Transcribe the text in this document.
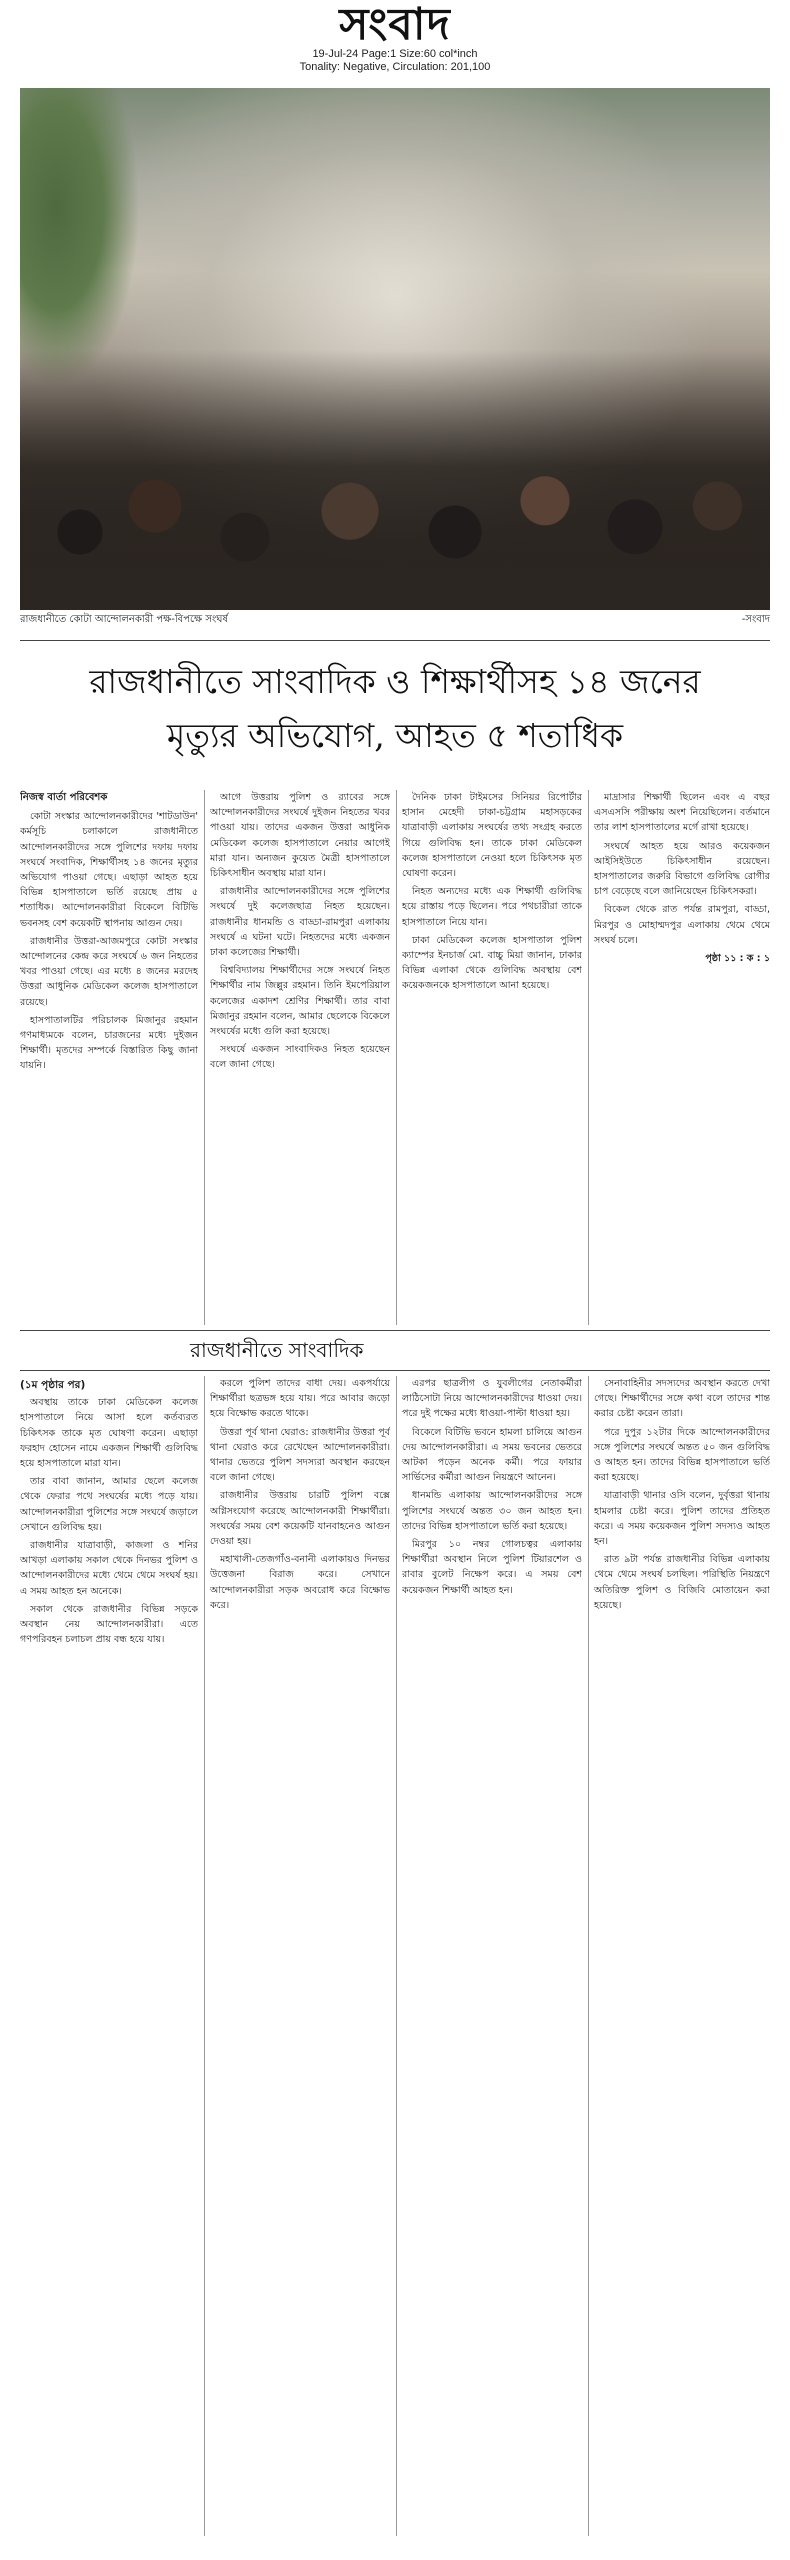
সংবাদ
19-Jul-24 Page:1 Size:60 col*inch
Tonality: Negative, Circulation: 201,100
রাজধানীতে কোটা আন্দোলনকারী পক্ষ-বিপক্ষে সংঘর্ষ	-সংবাদ
রাজধানীতে সাংবাদিক ও শিক্ষার্থীসহ ১৪ জনের
মৃত্যুর অভিযোগ, আহত ৫ শতাধিক

নিজস্ব বার্তা পরিবেশক

কোটা সংস্কার আন্দোলনকারীদের 'শাটডাউন' কর্মসূচি চলাকালে রাজধানীতে আন্দোলনকারীদের সঙ্গে পুলিশের দফায় দফায় সংঘর্ষে সংবাদিক, শিক্ষার্থীসহ ১৪ জনের মৃত্যুর অভিযোগ পাওয়া গেছে। এছাড়া আহত হয়ে বিভিন্ন হাসপাতালে ভর্তি রয়েছে প্রায় ৫ শতাধিক। আন্দোলনকারীরা বিকেলে বিটিভি ভবনসহ বেশ কয়েকটি স্থাপনায় আগুন দেয়।

রাজধানীর উত্তরা-আজমপুরে কোটা সংস্কার আন্দোলনের কেন্দ্র করে সংঘর্ষে ৬ জন নিহতের খবর পাওয়া গেছে। এর মধ্যে ৪ জনের মরদেহ উত্তরা আধুনিক মেডিকেল কলেজ হাসপাতালে রয়েছে।

হাসপাতালটির পরিচালক মিজানুর রহমান গণমাধ্যমকে বলেন, চারজনের মধ্যে দুইজন শিক্ষার্থী। মৃতদের সম্পর্কে বিস্তারিত কিছু জানা যায়নি।

আগে উত্তরায় পুলিশ ও র‌্যাবের সঙ্গে আন্দোলনকারীদের সংঘর্ষে দুইজন নিহতের খবর পাওয়া যায়। তাদের একজন উত্তরা আধুনিক মেডিকেল কলেজ হাসপাতালে নেয়ার আগেই মারা যান। অন্যজন কুয়েত মৈত্রী হাসপাতালে চিকিৎসাধীন অবস্থায় মারা যান।

রাজধানীর আন্দোলনকারীদের সঙ্গে পুলিশের সংঘর্ষে দুই কলেজছাত্র নিহত হয়েছেন। রাজধানীর ধানমন্ডি ও বাড্ডা-রামপুরা এলাকায় সংঘর্ষে এ ঘটনা ঘটে। নিহতদের মধ্যে একজন ঢাকা কলেজের শিক্ষার্থী।

বিশ্ববিদ্যালয় শিক্ষার্থীদের সঙ্গে সংঘর্ষে নিহত শিক্ষার্থীর নাম জিল্লুর রহমান। তিনি ইমপেরিয়াল কলেজের একাদশ শ্রেণির শিক্ষার্থী। তার বাবা মিজানুর রহমান বলেন, আমার ছেলেকে বিকেলে সংঘর্ষের মধ্যে গুলি করা হয়েছে।

সংঘর্ষে একজন সাংবাদিকও নিহত হয়েছেন বলে জানা গেছে।

দৈনিক ঢাকা টাইমসের সিনিয়র রিপোর্টার হাসান মেহেদী ঢাকা-চট্টগ্রাম মহাসড়কের যাত্রাবাড়ী এলাকায় সংঘর্ষের তথ্য সংগ্রহ করতে গিয়ে গুলিবিদ্ধ হন। তাকে ঢাকা মেডিকেল কলেজ হাসপাতালে নেওয়া হলে চিকিৎসক মৃত ঘোষণা করেন।

নিহত অন্যদের মধ্যে এক শিক্ষার্থী গুলিবিদ্ধ হয়ে রাস্তায় পড়ে ছিলেন। পরে পথচারীরা তাকে হাসপাতালে নিয়ে যান।

ঢাকা মেডিকেল কলেজ হাসপাতাল পুলিশ ক্যাম্পের ইনচার্জ মো. বাচ্চু মিয়া জানান, ঢাকার বিভিন্ন এলাকা থেকে গুলিবিদ্ধ অবস্থায় বেশ কয়েকজনকে হাসপাতালে আনা হয়েছে।

মাদ্রাসার শিক্ষার্থী ছিলেন এবং এ বছর এসএসসি পরীক্ষায় অংশ নিয়েছিলেন। বর্তমানে তার লাশ হাসপাতালের মর্গে রাখা হয়েছে।

সংঘর্ষে আহত হয়ে আরও কয়েকজন আইসিইউতে চিকিৎসাধীন রয়েছেন। হাসপাতালের জরুরি বিভাগে গুলিবিদ্ধ রোগীর চাপ বেড়েছে বলে জানিয়েছেন চিকিৎসকরা।

বিকেল থেকে রাত পর্যন্ত রামপুরা, বাড্ডা, মিরপুর ও মোহাম্মদপুর এলাকায় থেমে থেমে সংঘর্ষ চলে।

পৃষ্ঠা ১১ : ক : ১

রাজধানীতে সাংবাদিক

(১ম পৃষ্ঠার পর)

অবস্থায় তাকে ঢাকা মেডিকেল কলেজ হাসপাতালে নিয়ে আসা হলে কর্তব্যরত চিকিৎসক তাকে মৃত ঘোষণা করেন। এছাড়া ফরহাদ হোসেন নামে একজন শিক্ষার্থী গুলিবিদ্ধ হয়ে হাসপাতালে মারা যান।

তার বাবা জানান, আমার ছেলে কলেজ থেকে ফেরার পথে সংঘর্ষের মধ্যে পড়ে যায়। আন্দোলনকারীরা পুলিশের সঙ্গে সংঘর্ষে জড়ালে সেখানে গুলিবিদ্ধ হয়।

রাজধানীর যাত্রাবাড়ী, কাজলা ও শনির আখড়া এলাকায় সকাল থেকে দিনভর পুলিশ ও আন্দোলনকারীদের মধ্যে থেমে থেমে সংঘর্ষ হয়। এ সময় আহত হন অনেকে।

সকাল থেকে রাজধানীর বিভিন্ন সড়কে অবস্থান নেয় আন্দোলনকারীরা। এতে গণপরিবহন চলাচল প্রায় বন্ধ হয়ে যায়।

করলে পুলিশ তাদের বাধা দেয়। একপর্যায়ে শিক্ষার্থীরা ছত্রভঙ্গ হয়ে যায়। পরে আবার জড়ো হয়ে বিক্ষোভ করতে থাকে।

উত্তরা পূর্ব থানা ঘেরাও: রাজধানীর উত্তরা পূর্ব থানা ঘেরাও করে রেখেছেন আন্দোলনকারীরা। থানার ভেতরে পুলিশ সদস্যরা অবস্থান করছেন বলে জানা গেছে।

রাজধানীর উত্তরায় চারটি পুলিশ বক্সে অগ্নিসংযোগ করেছে আন্দোলনকারী শিক্ষার্থীরা। সংঘর্ষের সময় বেশ কয়েকটি যানবাহনেও আগুন দেওয়া হয়।

মহাখালী-তেজগাঁও-বনানী এলাকায়ও দিনভর উত্তেজনা বিরাজ করে। সেখানে আন্দোলনকারীরা সড়ক অবরোধ করে বিক্ষোভ করে।

এরপর ছাত্রলীগ ও যুবলীগের নেতাকর্মীরা লাঠিসোটা নিয়ে আন্দোলনকারীদের ধাওয়া দেয়। পরে দুই পক্ষের মধ্যে ধাওয়া-পাল্টা ধাওয়া হয়।

বিকেলে বিটিভি ভবনে হামলা চালিয়ে আগুন দেয় আন্দোলনকারীরা। এ সময় ভবনের ভেতরে আটকা পড়েন অনেক কর্মী। পরে ফায়ার সার্ভিসের কর্মীরা আগুন নিয়ন্ত্রণে আনেন।

ধানমন্ডি এলাকায় আন্দোলনকারীদের সঙ্গে পুলিশের সংঘর্ষে অন্তত ৩০ জন আহত হন। তাদের বিভিন্ন হাসপাতালে ভর্তি করা হয়েছে।

মিরপুর ১০ নম্বর গোলচত্বর এলাকায় শিক্ষার্থীরা অবস্থান নিলে পুলিশ টিয়ারশেল ও রাবার বুলেট নিক্ষেপ করে। এ সময় বেশ কয়েকজন শিক্ষার্থী আহত হন।

সেনাবাহিনীর সদস্যদের অবস্থান করতে দেখা গেছে। শিক্ষার্থীদের সঙ্গে কথা বলে তাদের শান্ত করার চেষ্টা করেন তারা।

পরে দুপুর ১২টার দিকে আন্দোলনকারীদের সঙ্গে পুলিশের সংঘর্ষে অন্তত ৫০ জন গুলিবিদ্ধ ও আহত হন। তাদের বিভিন্ন হাসপাতালে ভর্তি করা হয়েছে।

যাত্রাবাড়ী থানার ওসি বলেন, দুর্বৃত্তরা থানায় হামলার চেষ্টা করে। পুলিশ তাদের প্রতিহত করে। এ সময় কয়েকজন পুলিশ সদস্যও আহত হন।

রাত ৯টা পর্যন্ত রাজধানীর বিভিন্ন এলাকায় থেমে থেমে সংঘর্ষ চলছিল। পরিস্থিতি নিয়ন্ত্রণে অতিরিক্ত পুলিশ ও বিজিবি মোতায়েন করা হয়েছে।
